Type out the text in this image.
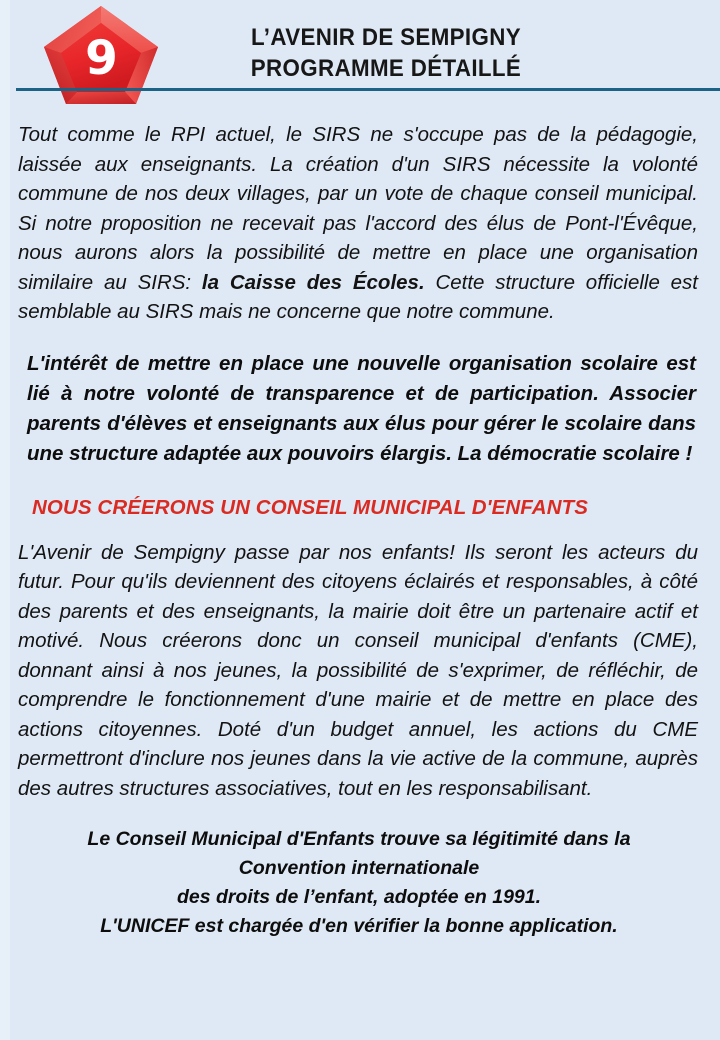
9	L’AVENIR DE SEMPIGNY
PROGRAMME DÉTAILLÉ

Tout comme le RPI actuel, le SIRS ne s'occupe pas de la pédagogie, laissée aux enseignants. La création d'un SIRS nécessite la volonté commune de nos deux villages, par un vote de chaque conseil municipal. Si notre proposition ne recevait pas l'accord des élus de Pont-l'Évêque, nous aurons alors la possibilité de mettre en place une organisation similaire au SIRS: la Caisse des Écoles. Cette structure officielle est semblable au SIRS mais ne concerne que notre commune.

L'intérêt de mettre en place une nouvelle organisation scolaire est lié à notre volonté de transparence et de participation. Associer parents d'élèves et enseignants aux élus pour gérer le scolaire dans une structure adaptée aux pouvoirs élargis. La démocratie scolaire !

NOUS CRÉERONS UN CONSEIL MUNICIPAL D'ENFANTS

L'Avenir de Sempigny passe par nos enfants! Ils seront les acteurs du futur. Pour qu'ils deviennent des citoyens éclairés et responsables, à côté des parents et des enseignants, la mairie doit être un partenaire actif et motivé. Nous créerons donc un conseil municipal d'enfants (CME), donnant ainsi à nos jeunes, la possibilité de s'exprimer, de réfléchir, de comprendre le fonctionnement d'une mairie et de mettre en place des actions citoyennes. Doté d'un budget annuel, les actions du CME permettront d'inclure nos jeunes dans la vie active de la commune, auprès des autres structures associatives, tout en les responsabilisant.

Le Conseil Municipal d'Enfants trouve sa légitimité dans la
Convention internationale
des droits de l’enfant, adoptée en 1991.
L'UNICEF est chargée d'en vérifier la bonne application.
